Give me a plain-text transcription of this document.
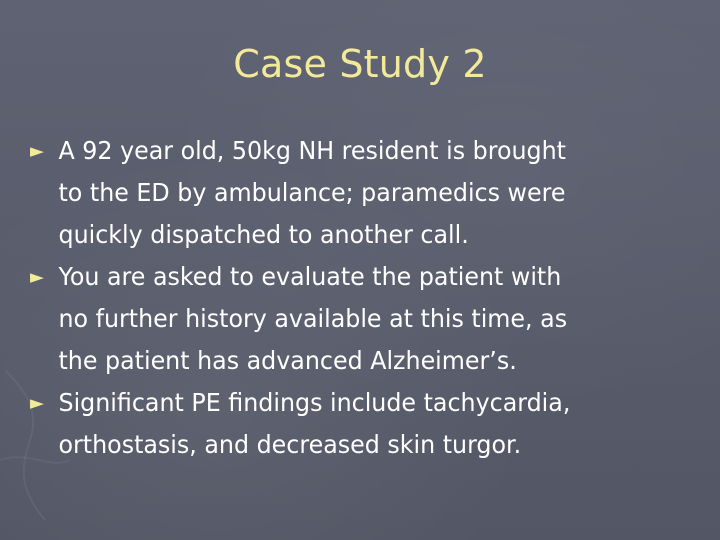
Case Study 2
► A 92 year old, 50kg NH resident is brought
to the ED by ambulance; paramedics were
quickly dispatched to another call.
► You are asked to evaluate the patient with
no further history available at this time, as
the patient has advanced Alzheimer’s.
► Significant PE findings include tachycardia,
orthostasis, and decreased skin turgor.
